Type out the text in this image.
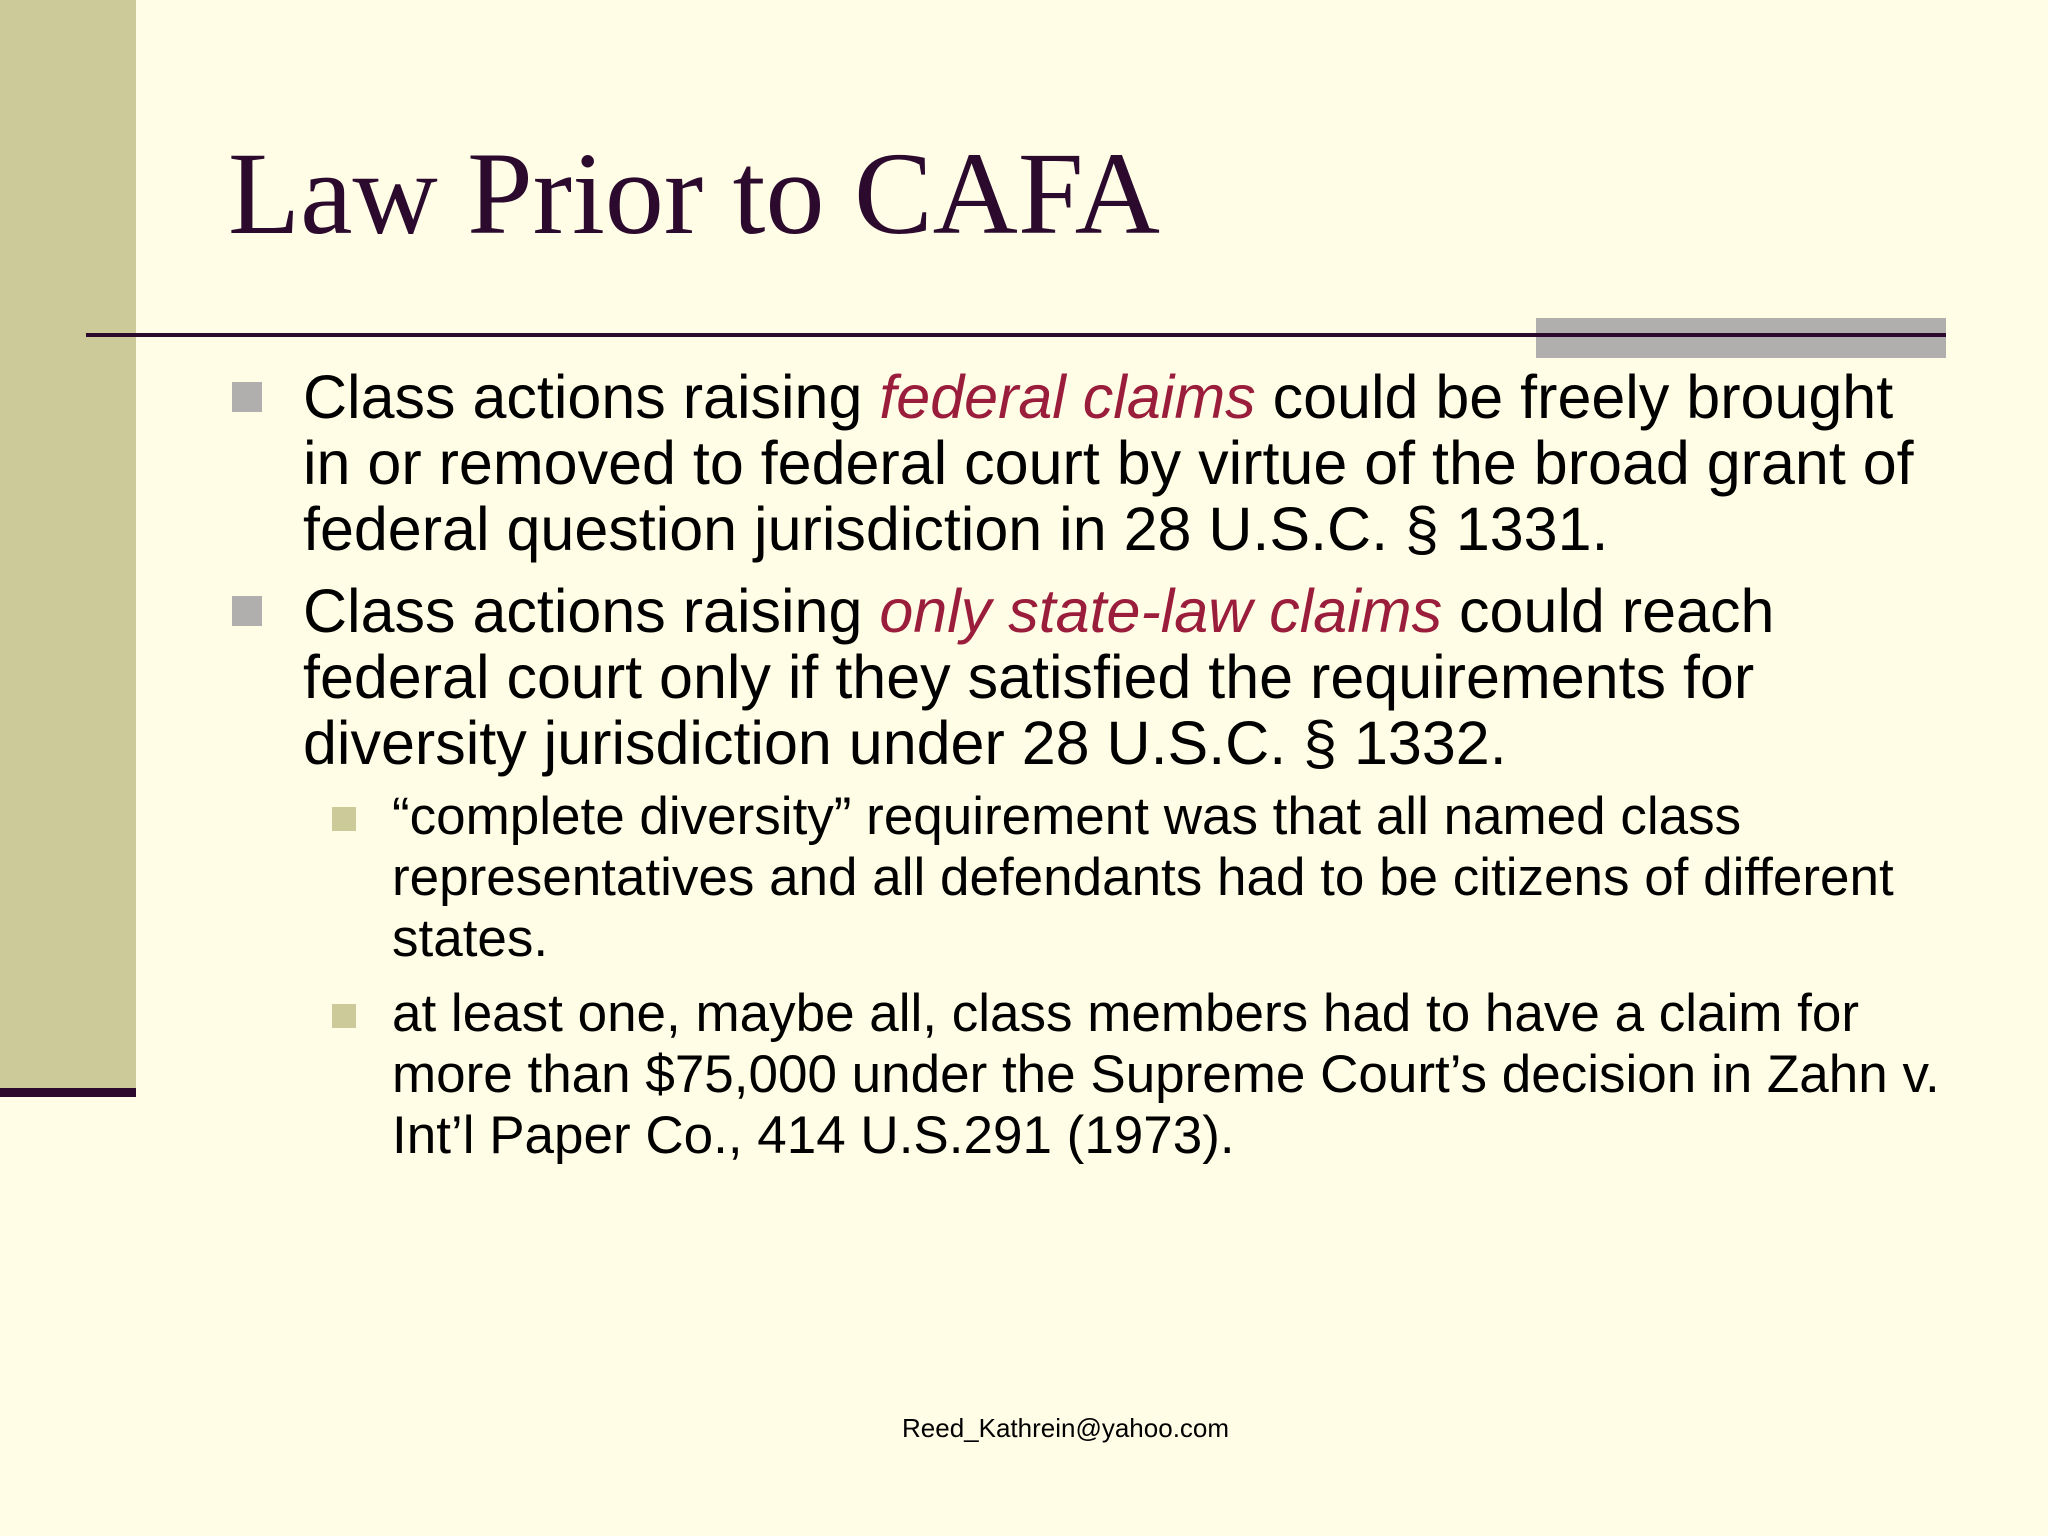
Law Prior to CAFA
Class actions raising federal claims could be freely brought in or removed to federal court by virtue of the broad grant of federal question jurisdiction in 28 U.S.C. § 1331.
Class actions raising only state-law claims could reach federal court only if they satisfied the requirements for diversity jurisdiction under 28 U.S.C. § 1332.
“complete diversity” requirement was that all named class representatives and all defendants had to be citizens of different states.
at least one, maybe all, class members had to have a claim for more than $75,000 under the Supreme Court’s decision in Zahn v. Int’l Paper Co., 414 U.S.291 (1973).
Reed_Kathrein@yahoo.com
